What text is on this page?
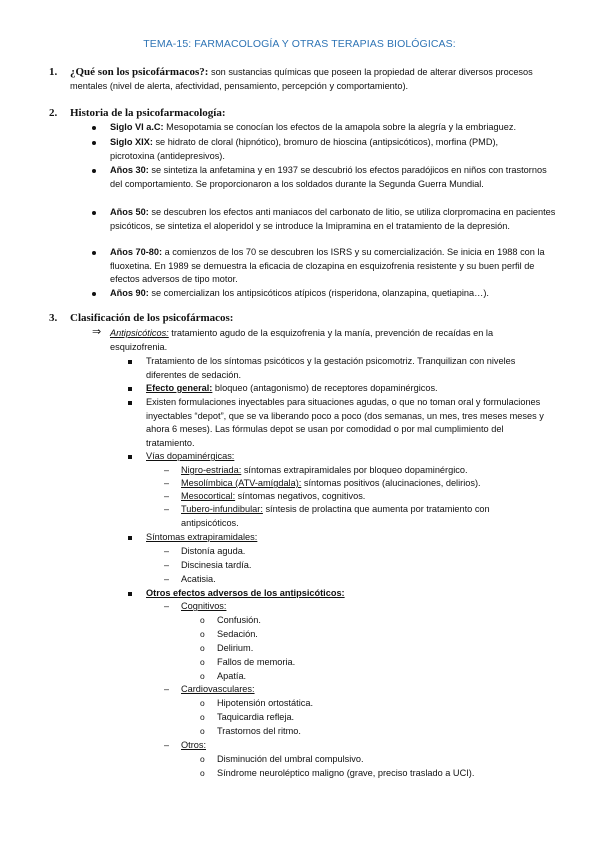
TEMA-15: FARMACOLOGÍA Y OTRAS TERAPIAS BIOLÓGICAS:
1. ¿Qué son los psicofármacos?: son sustancias químicas que poseen la propiedad de alterar diversos procesos mentales (nivel de alerta, afectividad, pensamiento, percepción y comportamiento).
2. Historia de la psicofarmacología:
Siglo VI a.C: Mesopotamia se conocían los efectos de la amapola sobre la alegría y la embriaguez.
Siglo XIX: se hidrato de cloral (hipnótico), bromuro de hioscina (antipsicóticos), morfina (PMD), picrotoxina (antidepresivos).
Años 30: se sintetiza la anfetamina y en 1937 se descubrió los efectos paradójicos en niños con trastornos del comportamiento. Se proporcionaron a los soldados durante la Segunda Guerra Mundial.
Años 50: se descubren los efectos anti maniacos del carbonato de litio, se utiliza clorpromacina en pacientes psicóticos, se sintetiza el aloperidol y se introduce la Imipramina en el tratamiento de la depresión.
Años 70-80: a comienzos de los 70 se descubren los ISRS y su comercialización. Se inicia en 1988 con la fluoxetina. En 1989 se demuestra la eficacia de clozapina en esquizofrenia resistente y su buen perfil de efectos adversos de tipo motor.
Años 90: se comercializan los antipsicóticos atípicos (risperidona, olanzapina, quetiapina…).
3. Clasificación de los psicofármacos:
⇒ Antipsicóticos: tratamiento agudo de la esquizofrenia y la manía, prevención de recaídas en la esquizofrenia.
Tratamiento de los síntomas psicóticos y la gestación psicomotriz. Tranquilizan con niveles diferentes de sedación.
Efecto general: bloqueo (antagonismo) de receptores dopaminérgicos.
Existen formulaciones inyectables para situaciones agudas, o que no toman oral y formulaciones inyectables “depot”, que se va liberando poco a poco (dos semanas, un mes, tres meses meses y ahora 6 meses). Las fórmulas depot se usan por comodidad o por mal cumplimiento del tratamiento.
Vías dopaminérgicas:
– Nigro-estriada: síntomas extrapiramidales por bloqueo dopaminérgico.
– Mesolímbica (ATV-amígdala): síntomas positivos (alucinaciones, delirios).
– Mesocortical: síntomas negativos, cognitivos.
– Tubero-infundibular: síntesis de prolactina que aumenta por tratamiento con antipsicóticos.
Síntomas extrapiramidales:
– Distonía aguda.
– Discinesia tardía.
– Acatisia.
Otros efectos adversos de los antipsicóticos:
– Cognitivos:
o Confusión.
o Sedación.
o Delirium.
o Fallos de memoria.
o Apatía.
– Cardiovasculares:
o Hipotensión ortostática.
o Taquicardia refleja.
o Trastornos del ritmo.
– Otros:
o Disminución del umbral compulsivo.
o Síndrome neuroléptico maligno (grave, preciso traslado a UCI).
